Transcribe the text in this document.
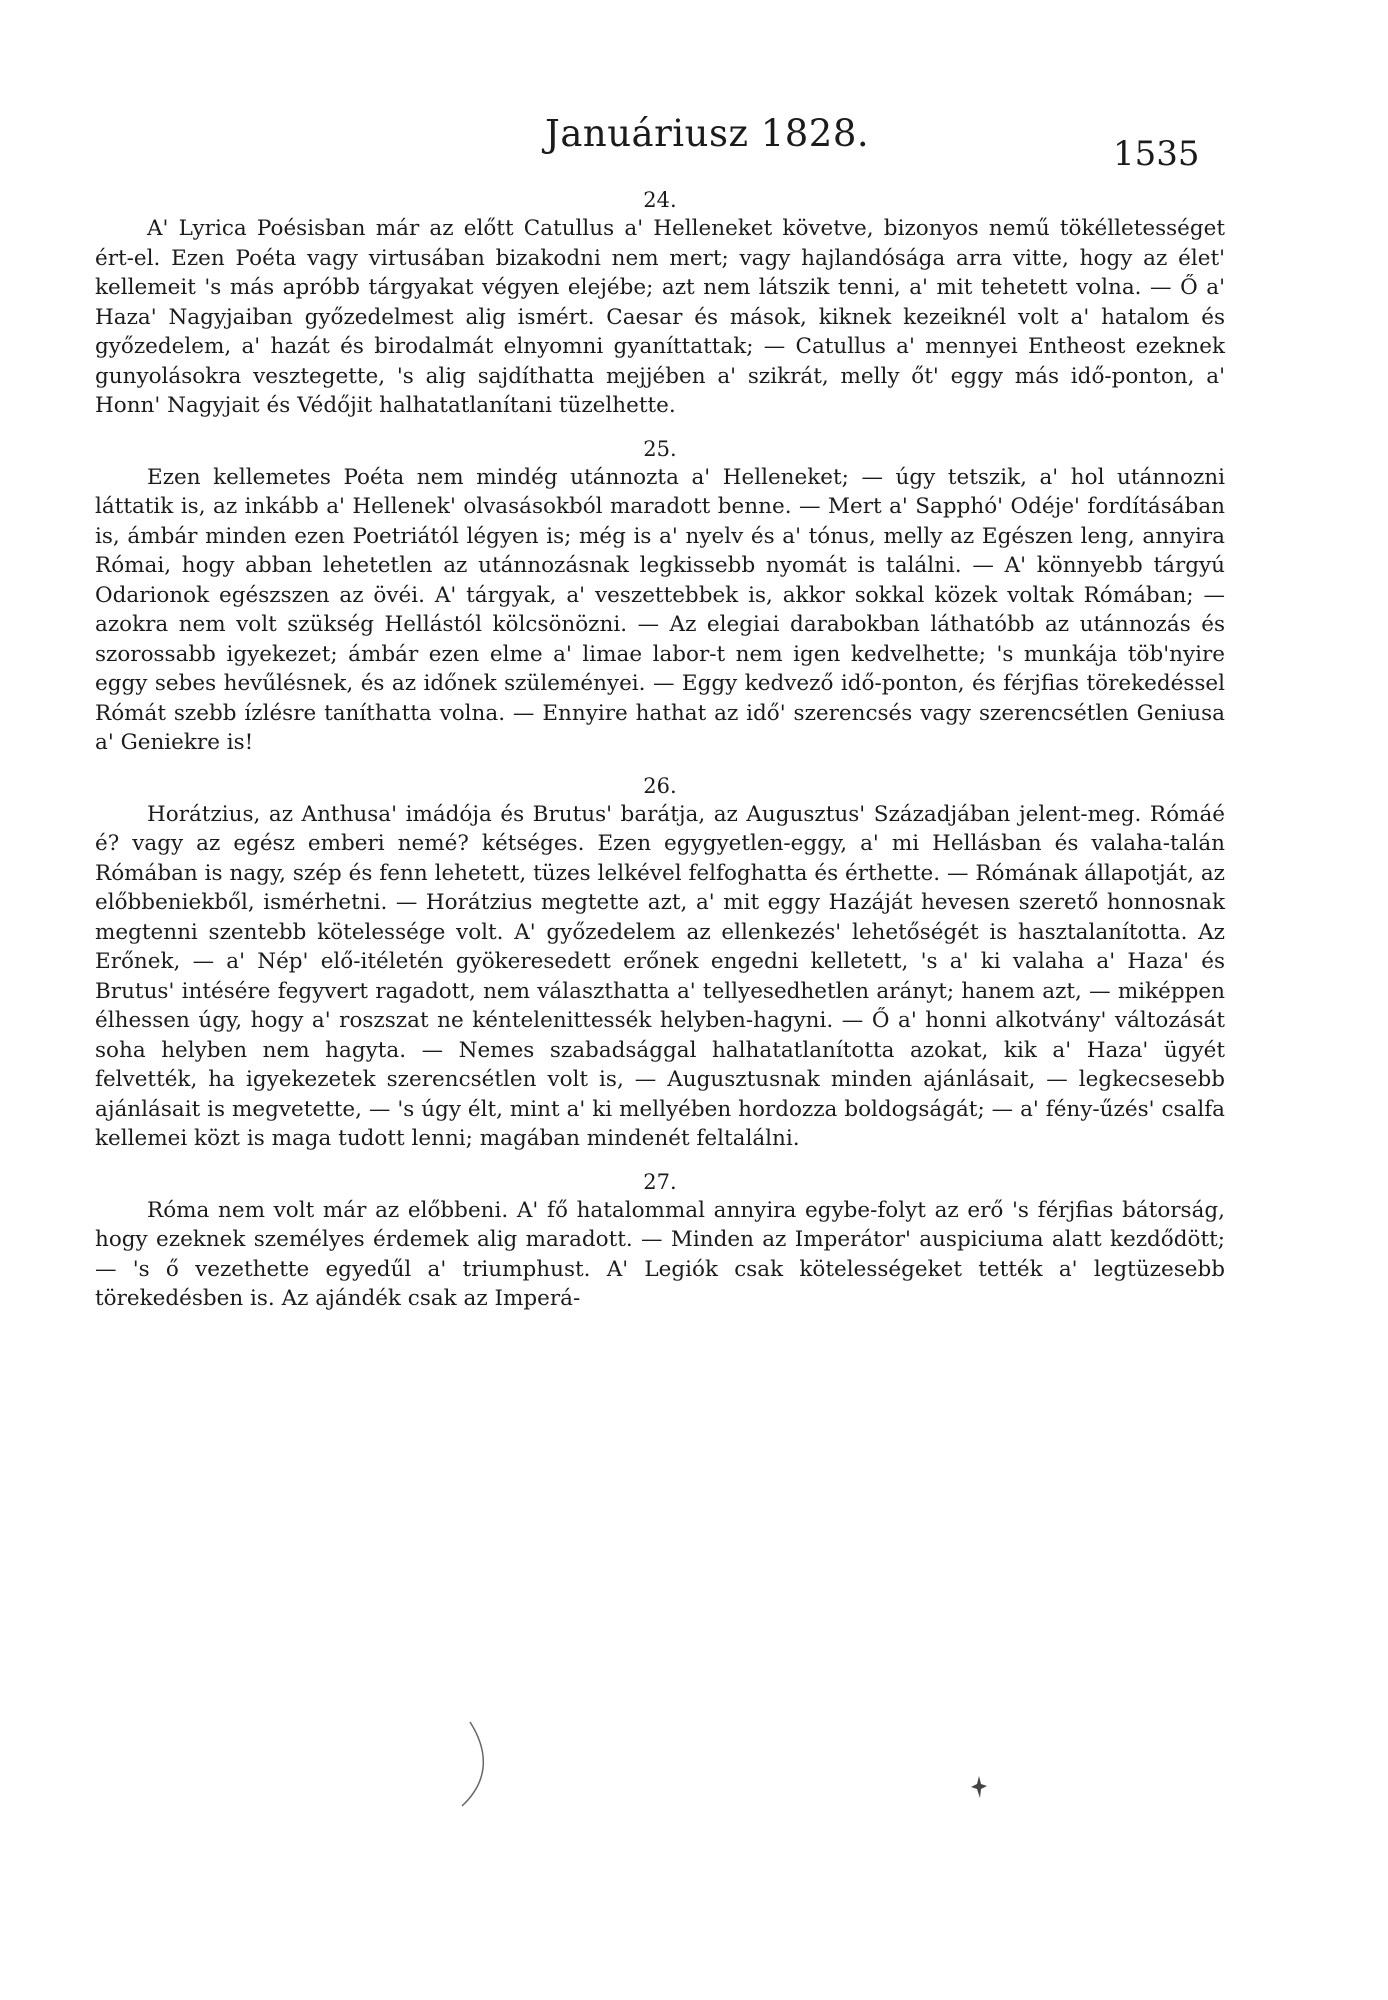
Januáriusz 1828.	1535
24.

A' Lyrica Poésisban már az előtt Catullus a' Helleneket követve, bizonyos nemű tökélletességet ért-el. Ezen Poéta vagy virtusában bizakodni nem mert; vagy hajlandósága arra vitte, hogy az élet' kellemeit 's más apróbb tárgyakat végyen elejébe; azt nem látszik tenni, a' mit tehetett volna. — Ő a' Haza' Nagyjaiban győzedelmest alig ismért. Caesar és mások, kiknek kezeiknél volt a' hatalom és győzedelem, a' hazát és birodalmát elnyomni gyaníttattak; — Catullus a' mennyei Entheost ezeknek gunyolásokra vesztegette, 's alig sajdíthatta mejjében a' szikrát, melly őt' eggy más idő-ponton, a' Honn' Nagyjait és Védőjit halhatatlanítani tüzelhette.

25.

Ezen kellemetes Poéta nem mindég utánnozta a' Helleneket; — úgy tetszik, a' hol utánnozni láttatik is, az inkább a' Hellenek' olvasásokból maradott benne. — Mert a' Sapphó' Odéje' fordításában is, ámbár minden ezen Poetriától légyen is; még is a' nyelv és a' tónus, melly az Egészen leng, annyira Római, hogy abban lehetetlen az utánnozásnak legkissebb nyomát is találni. — A' könnyebb tárgyú Odarionok egészszen az övéi. A' tárgyak, a' veszettebbek is, akkor sokkal közek voltak Rómában; — azokra nem volt szükség Hellástól kölcsönözni. — Az elegiai darabokban láthatóbb az utánnozás és szorossabb igyekezet; ámbár ezen elme a' limae labor-t nem igen kedvelhette; 's munkája töb'nyire eggy sebes hevűlésnek, és az időnek szüleményei. — Eggy kedvező idő-ponton, és férjfias törekedéssel Rómát szebb ízlésre taníthatta volna. — Ennyire hathat az idő' szerencsés vagy szerencsétlen Geniusa a' Geniekre is!

26.

Horátzius, az Anthusa' imádója és Brutus' barátja, az Augusztus' Századjában jelent-meg. Rómáé é? vagy az egész emberi nemé? kétséges. Ezen egygyetlen-eggy, a' mi Hellásban és valaha-talán Rómában is nagy, szép és fenn lehetett, tüzes lelkével felfoghatta és érthette. — Rómának állapotját, az előbbeniekből, ismérhetni. — Horátzius megtette azt, a' mit eggy Hazáját hevesen szerető honnosnak megtenni szentebb kötelessége volt. A' győzedelem az ellenkezés' lehetőségét is hasztalanította. Az Erőnek, — a' Nép' elő-itéletén gyökeresedett erőnek engedni kelletett, 's a' ki valaha a' Haza' és Brutus' intésére fegyvert ragadott, nem választhatta a' tellyesedhetlen arányt; hanem azt, — miképpen élhessen úgy, hogy a' roszszat ne kéntelenittessék helyben-hagyni. — Ő a' honni alkotvány' változását soha helyben nem hagyta. — Nemes szabadsággal halhatatlanította azokat, kik a' Haza' ügyét felvették, ha igyekezetek szerencsétlen volt is, — Augusztusnak minden ajánlásait, — legkecsesebb ajánlásait is megvetette, — 's úgy élt, mint a' ki mellyében hordozza boldogságát; — a' fény-űzés' csalfa kellemei közt is maga tudott lenni; magában mindenét feltalálni.

27.

Róma nem volt már az előbbeni. A' fő hatalommal annyira egybe-folyt az erő 's férjfias bátorság, hogy ezeknek személyes érdemek alig maradott. — Minden az Imperátor' auspiciuma alatt kezdődött; — 's ő vezethette egyedűl a' triumphust. A' Legiók csak kötelességeket tették a' legtüzesebb törekedésben is. Az ajándék csak az Imperá-
